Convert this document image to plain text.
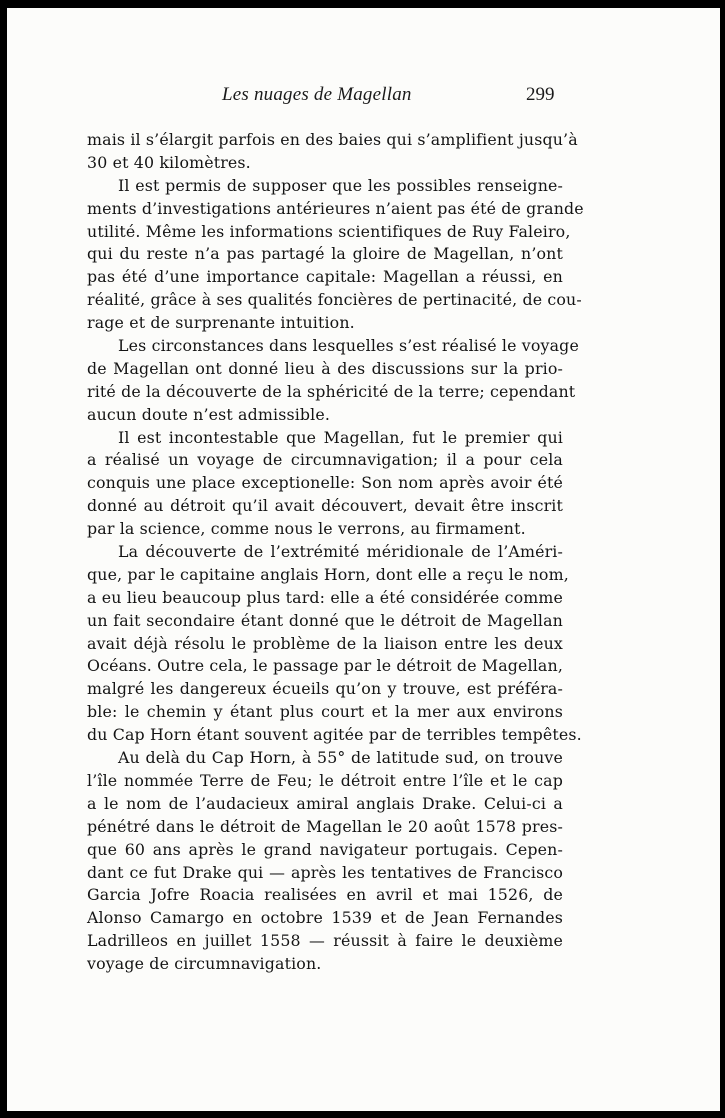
Les nuages de Magellan	299
mais il s’élargit parfois en des baies qui s’amplifient jusqu’à
30 et 40 kilomètres.
Il est permis de supposer que les possibles renseigne-
ments d’investigations antérieures n’aient pas été de grande
utilité. Même les informations scientifiques de Ruy Faleiro,
qui du reste n’a pas partagé la gloire de Magellan, n’ont
pas été d’une importance capitale: Magellan a réussi, en
réalité, grâce à ses qualités foncières de pertinacité, de cou-
rage et de surprenante intuition.
Les circonstances dans lesquelles s’est réalisé le voyage
de Magellan ont donné lieu à des discussions sur la prio-
rité de la découverte de la sphéricité de la terre; cependant
aucun doute n’est admissible.
Il est incontestable que Magellan, fut le premier qui
a réalisé un voyage de circumnavigation; il a pour cela
conquis une place exceptionelle: Son nom après avoir été
donné au détroit qu’il avait découvert, devait être inscrit
par la science, comme nous le verrons, au firmament.
La découverte de l’extrémité méridionale de l’Améri-
que, par le capitaine anglais Horn, dont elle a reçu le nom,
a eu lieu beaucoup plus tard: elle a été considérée comme
un fait secondaire étant donné que le détroit de Magellan
avait déjà résolu le problème de la liaison entre les deux
Océans. Outre cela, le passage par le détroit de Magellan,
malgré les dangereux écueils qu’on y trouve, est préféra-
ble: le chemin y étant plus court et la mer aux environs
du Cap Horn étant souvent agitée par de terribles tempêtes.
Au delà du Cap Horn, à 55° de latitude sud, on trouve
l’île nommée Terre de Feu; le détroit entre l’île et le cap
a le nom de l’audacieux amiral anglais Drake. Celui-ci a
pénétré dans le détroit de Magellan le 20 août 1578 pres-
que 60 ans après le grand navigateur portugais. Cepen-
dant ce fut Drake qui — après les tentatives de Francisco
Garcia Jofre Roacia realisées en avril et mai 1526, de
Alonso Camargo en octobre 1539 et de Jean Fernandes
Ladrilleos en juillet 1558 — réussit à faire le deuxième
voyage de circumnavigation.
